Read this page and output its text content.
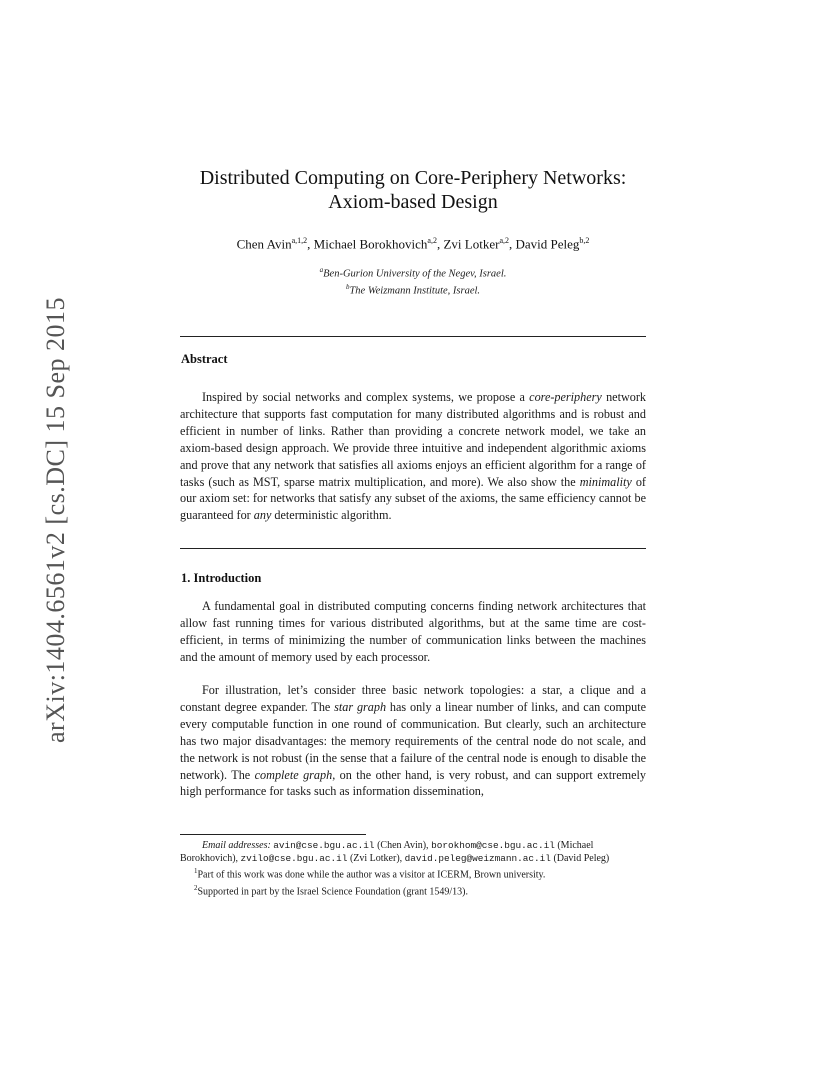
arXiv:1404.6561v2 [cs.DC] 15 Sep 2015
Distributed Computing on Core-Periphery Networks:
Axiom-based Design
Chen Avin$^{a,1,2}$, Michael Borokhovich$^{a,2}$, Zvi Lotker$^{a,2}$, David Peleg$^{b,2}$
$^a$Ben-Gurion University of the Negev, Israel.
$^b$The Weizmann Institute, Israel.
Abstract

Inspired by social networks and complex systems, we propose a core-periphery network architecture that supports fast computation for many distributed algorithms and is robust and efficient in number of links. Rather than providing a concrete network model, we take an axiom-based design approach. We provide three intuitive and independent algorithmic axioms and prove that any network that satisfies all axioms enjoys an efficient algorithm for a range of tasks (such as MST, sparse matrix multiplication, and more). We also show the minimality of our axiom set: for networks that satisfy any subset of the axioms, the same efficiency cannot be guaranteed for any deterministic algorithm.

1. Introduction

A fundamental goal in distributed computing concerns finding network architectures that allow fast running times for various distributed algorithms, but at the same time are cost-efficient, in terms of minimizing the number of communication links between the machines and the amount of memory used by each processor.

For illustration, let’s consider three basic network topologies: a star, a clique and a constant degree expander. The star graph has only a linear number of links, and can compute every computable function in one round of communication. But clearly, such an architecture has two major disadvantages: the memory requirements of the central node do not scale, and the network is not robust (in the sense that a failure of the central node is enough to disable the network). The complete graph, on the other hand, is very robust, and can support extremely high performance for tasks such as information dissemination,

Email addresses: avin@cse.bgu.ac.il (Chen Avin), borokhom@cse.bgu.ac.il (Michael Borokhovich), zvilo@cse.bgu.ac.il (Zvi Lotker), david.peleg@weizmann.ac.il (David Peleg)

$^1$Part of this work was done while the author was a visitor at ICERM, Brown university.

$^2$Supported in part by the Israel Science Foundation (grant 1549/13).
